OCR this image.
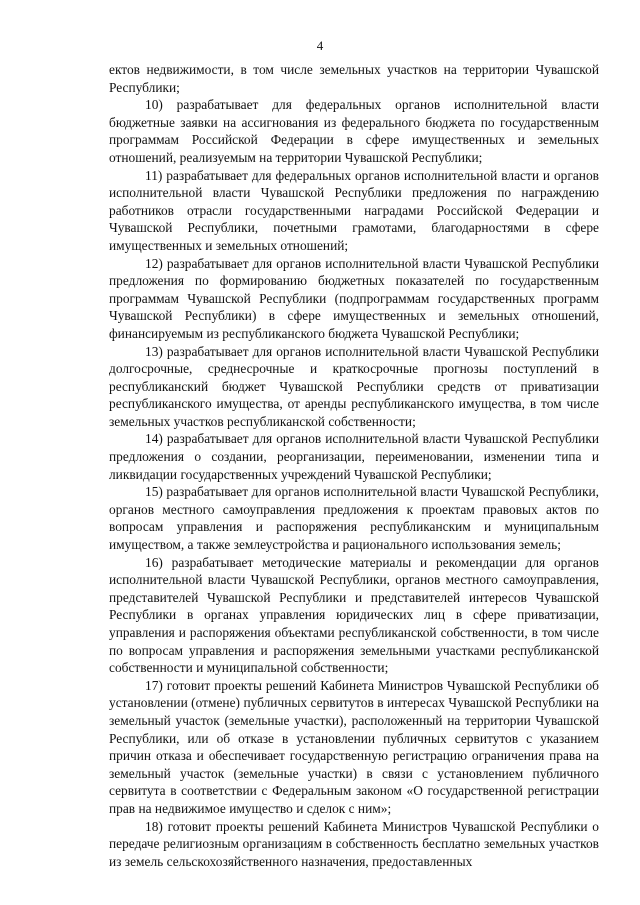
4

ектов недвижимости, в том числе земельных участков на территории Чувашской Республики;

10) разрабатывает для федеральных органов исполнительной власти бюджетные заявки на ассигнования из федерального бюджета по государственным программам Российской Федерации в сфере имущественных и земельных отношений, реализуемым на территории Чувашской Республики;

11) разрабатывает для федеральных органов исполнительной власти и органов исполнительной власти Чувашской Республики предложения по награждению работников отрасли государственными наградами Российской Федерации и Чувашской Республики, почетными грамотами, благодарностями в сфере имущественных и земельных отношений;

12) разрабатывает для органов исполнительной власти Чувашской Республики предложения по формированию бюджетных показателей по государственным программам Чувашской Республики (подпрограммам государственных программ Чувашской Республики) в сфере имущественных и земельных отношений, финансируемым из республиканского бюджета Чувашской Республики;

13) разрабатывает для органов исполнительной власти Чувашской Республики долгосрочные, среднесрочные и краткосрочные прогнозы поступлений в республиканский бюджет Чувашской Республики средств от приватизации республиканского имущества, от аренды республиканского имущества, в том числе земельных участков республиканской собственности;

14) разрабатывает для органов исполнительной власти Чувашской Республики предложения о создании, реорганизации, переименовании, изменении типа и ликвидации государственных учреждений Чувашской Республики;

15) разрабатывает для органов исполнительной власти Чувашской Республики, органов местного самоуправления предложения к проектам правовых актов по вопросам управления и распоряжения республиканским и муниципальным имуществом, а также землеустройства и рационального использования земель;

16) разрабатывает методические материалы и рекомендации для органов исполнительной власти Чувашской Республики, органов местного самоуправления, представителей Чувашской Республики и представителей интересов Чувашской Республики в органах управления юридических лиц в сфере приватизации, управления и распоряжения объектами республиканской собственности, в том числе по вопросам управления и распоряжения земельными участками республиканской собственности и муниципальной собственности;

17) готовит проекты решений Кабинета Министров Чувашской Республики об установлении (отмене) публичных сервитутов в интересах Чувашской Республики на земельный участок (земельные участки), расположенный на территории Чувашской Республики, или об отказе в установлении публичных сервитутов с указанием причин отказа и обеспечивает государственную регистрацию ограничения права на земельный участок (земельные участки) в связи с установлением публичного сервитута в соответствии с Федеральным законом «О государственной регистрации прав на недвижимое имущество и сделок с ним»;

18) готовит проекты решений Кабинета Министров Чувашской Республики о передаче религиозным организациям в собственность бесплатно земельных участков из земель сельскохозяйственного назначения, предоставленных
